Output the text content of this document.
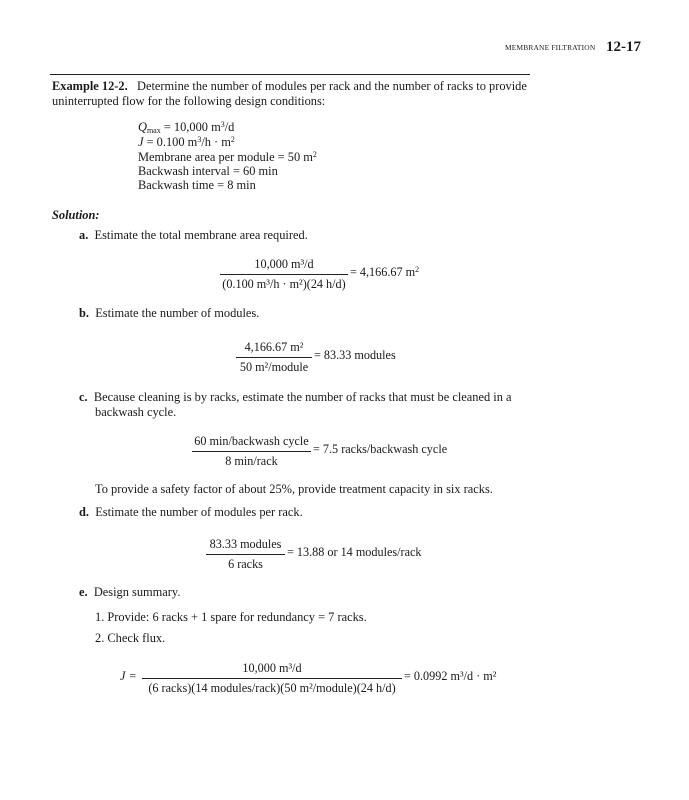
MEMBRANE FILTRATION 12-17
Example 12-2. Determine the number of modules per rack and the number of racks to provide
uninterrupted flow for the following design conditions:
$Q_{max} = 10,000$ $m^3/d$
J = 0.100 $m^3/h \cdot m^2$
Membrane area per module = 50 $m^2$
Backwash interval = 60 min
Backwash time = 8 min
Solution:
a. Estimate the total membrane area required.
10,000 m³/d
(0.100 m³/h · m²)(24 h/d)
= 4,166.67 $m^2$
b. Estimate the number of modules.
4,166.67 m²
50 m²/module
= 83.33 modules
c. Because cleaning is by racks, estimate the number of racks that must be cleaned in a
backwash cycle.
60 min/backwash cycle
8 min/rack
= 7.5 racks/backwash cycle
To provide a safety factor of about 25%, provide treatment capacity in six racks.
d. Estimate the number of modules per rack.
83.33 modules
6 racks
= 13.88 or 14 modules/rack
e. Design summary.
1. Provide: 6 racks + 1 spare for redundancy = 7 racks.
2. Check flux.
J =
10,000 m³/d
(6 racks)(14 modules/rack)(50 m²/module)(24 h/d)
= 0.0992 m³/d · m²
